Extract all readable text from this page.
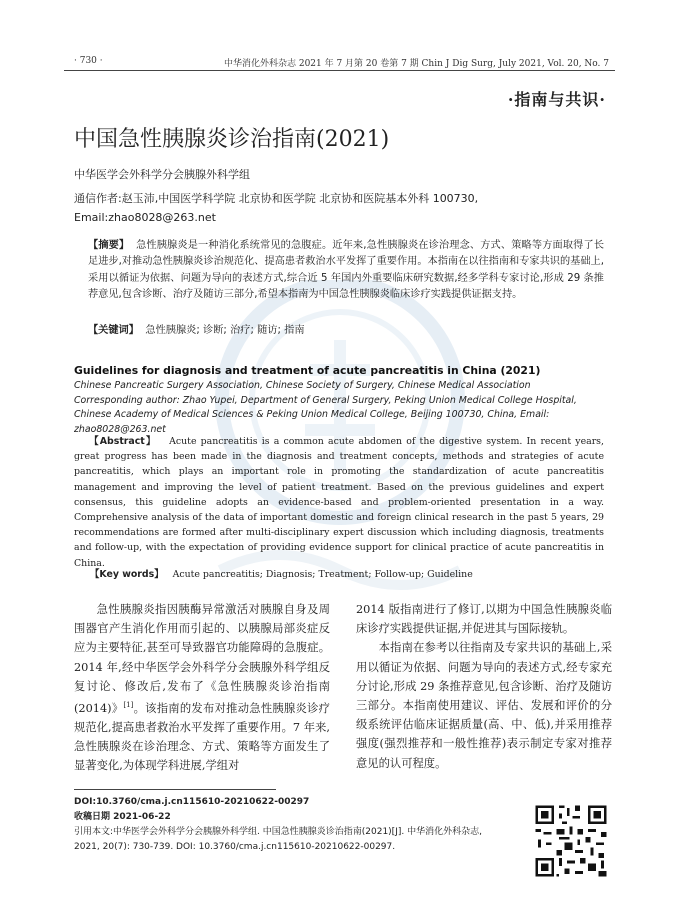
· 730 ·	中华消化外科杂志 2021 年 7 月第 20 卷第 7 期 Chin J Dig Surg, July 2021, Vol. 20, No. 7
·指南与共识·
中国急性胰腺炎诊治指南(2021)
中华医学会外科学分会胰腺外科学组
通信作者:赵玉沛,中国医学科学院 北京协和医学院 北京协和医院基本外科 100730,
Email:zhao8028@263.net
【摘要】 急性胰腺炎是一种消化系统常见的急腹症。近年来,急性胰腺炎在诊治理念、方式、策略等方面取得了长足进步,对推动急性胰腺炎诊治规范化、提高患者救治水平发挥了重要作用。本指南在以往指南和专家共识的基础上,采用以循证为依据、问题为导向的表述方式,综合近 5 年国内外重要临床研究数据,经多学科专家讨论,形成 29 条推荐意见,包含诊断、治疗及随访三部分,希望本指南为中国急性胰腺炎临床诊疗实践提供证据支持。
【关键词】 急性胰腺炎; 诊断; 治疗; 随访; 指南
Guidelines for diagnosis and treatment of acute pancreatitis in China (2021)
Chinese Pancreatic Surgery Association, Chinese Society of Surgery, Chinese Medical Association
Corresponding author: Zhao Yupei, Department of General Surgery, Peking Union Medical College Hospital,
Chinese Academy of Medical Sciences & Peking Union Medical College, Beijing 100730, China, Email:
zhao8028@263.net
【Abstract】 Acute pancreatitis is a common acute abdomen of the digestive system. In recent years, great progress has been made in the diagnosis and treatment concepts, methods and strategies of acute pancreatitis, which plays an important role in promoting the standardization of acute pancreatitis management and improving the level of patient treatment. Based on the previous guidelines and expert consensus, this guideline adopts an evidence-based and problem-oriented presentation in a way. Comprehensive analysis of the data of important domestic and foreign clinical research in the past 5 years, 29 recommendations are formed after multi-disciplinary expert discussion which including diagnosis, treatments and follow-up, with the expectation of providing evidence support for clinical practice of acute pancreatitis in China.
【Key words】 Acute pancreatitis; Diagnosis; Treatment; Follow-up; Guideline

急性胰腺炎指因胰酶异常激活对胰腺自身及周围器官产生消化作用而引起的、以胰腺局部炎症反应为主要特征,甚至可导致器官功能障碍的急腹症。2014 年,经中华医学会外科学分会胰腺外科学组反复讨论、修改后,发布了《急性胰腺炎诊治指南(2014)》[1]。该指南的发布对推动急性胰腺炎诊疗规范化,提高患者救治水平发挥了重要作用。7 年来,急性胰腺炎在诊治理念、方式、策略等方面发生了显著变化,为体现学科进展,学组对

2014 版指南进行了修订,以期为中国急性胰腺炎临床诊疗实践提供证据,并促进其与国际接轨。

本指南在参考以往指南及专家共识的基础上,采用以循证为依据、问题为导向的表述方式,经专家充分讨论,形成 29 条推荐意见,包含诊断、治疗及随访三部分。本指南使用建议、评估、发展和评价的分级系统评估临床证据质量(高、中、低),并采用推荐强度(强烈推荐和一般性推荐)表示制定专家对推荐意见的认可程度。

DOI:10.3760/cma.j.cn115610-20210622-00297
收稿日期 2021-06-22
引用本文:中华医学会外科学分会胰腺外科学组. 中国急性胰腺炎诊治指南(2021)[J]. 中华消化外科杂志,
2021, 20(7): 730-739. DOI: 10.3760/cma.j.cn115610-20210622-00297.
